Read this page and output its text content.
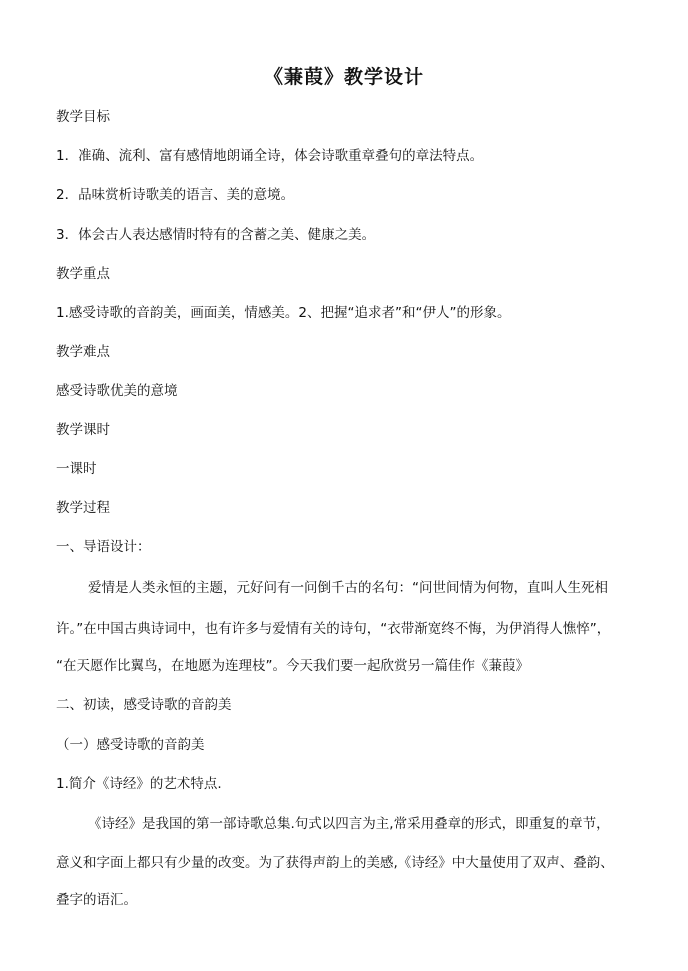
《蒹葭》教学设计
教学目标
1．准确、流利、富有感情地朗诵全诗，体会诗歌重章叠句的章法特点。
2．品味赏析诗歌美的语言、美的意境。
3．体会古人表达感情时特有的含蓄之美、健康之美。
教学重点
1.感受诗歌的音韵美，画面美，情感美。2、把握“追求者”和“伊人”的形象。
教学难点
感受诗歌优美的意境
教学课时
一课时
教学过程
一、导语设计：
爱情是人类永恒的主题，元好问有一问倒千古的名句：“问世间情为何物，直叫人生死相
许。”在中国古典诗词中，也有许多与爱情有关的诗句，“衣带渐宽终不悔，为伊消得人憔悴”，
“在天愿作比翼鸟，在地愿为连理枝”。今天我们要一起欣赏另一篇佳作《蒹葭》
二、初读，感受诗歌的音韵美
（一）感受诗歌的音韵美
1.简介《诗经》的艺术特点.
《诗经》是我国的第一部诗歌总集.句式以四言为主,常采用叠章的形式，即重复的章节，
意义和字面上都只有少量的改变。为了获得声韵上的美感,《诗经》中大量使用了双声、叠韵、
叠字的语汇。
